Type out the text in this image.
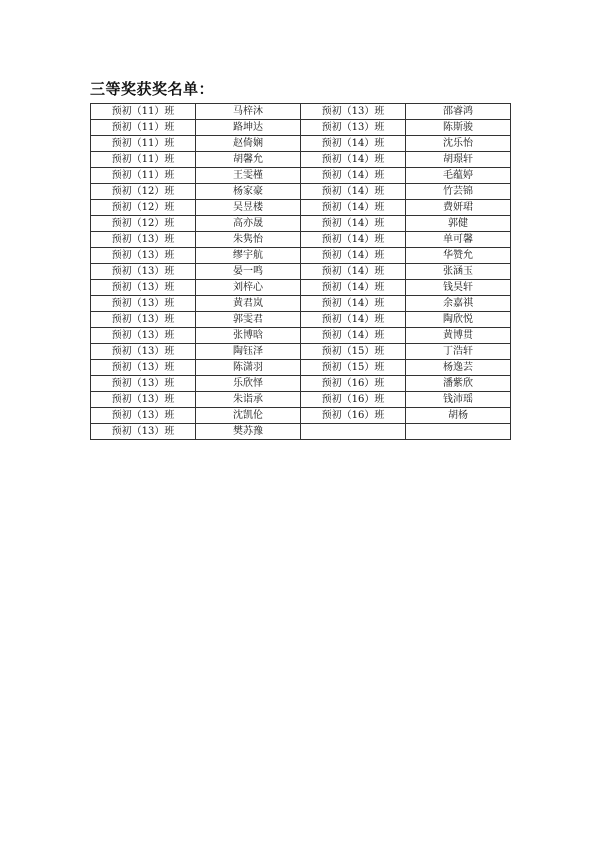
三等奖获奖名单：
预初（11）班	马梓沐	预初（13）班	邵睿鸿
预初（11）班	路坤达	预初（13）班	陈斯骏
预初（11）班	赵倚娴	预初（14）班	沈乐怡
预初（11）班	胡馨允	预初（14）班	胡璟轩
预初（11）班	王雯槿	预初（14）班	毛蕴婷
预初（12）班	杨家豪	预初（14）班	竹芸锦
预初（12）班	吴昱楼	预初（14）班	费妍珺
预初（12）班	高亦晟	预初（14）班	郭健
预初（13）班	朱隽怡	预初（14）班	单可馨
预初（13）班	缪宇航	预初（14）班	华赞允
预初（13）班	晏一鸣	预初（14）班	张涵玉
预初（13）班	刘梓心	预初（14）班	钱昊轩
预初（13）班	黄君岚	预初（14）班	余嘉祺
预初（13）班	郭雯君	预初（14）班	陶欣悦
预初（13）班	张博晗	预初（14）班	黄博贯
预初（13）班	陶钰泽	预初（15）班	丁浩轩
预初（13）班	陈潇羽	预初（15）班	杨逸芸
预初（13）班	乐欣怿	预初（16）班	潘紫欣
预初（13）班	朱诣承	预初（16）班	钱沛瑶
预初（13）班	沈凯伦	预初（16）班	胡杨
预初（13）班	樊苏豫		
